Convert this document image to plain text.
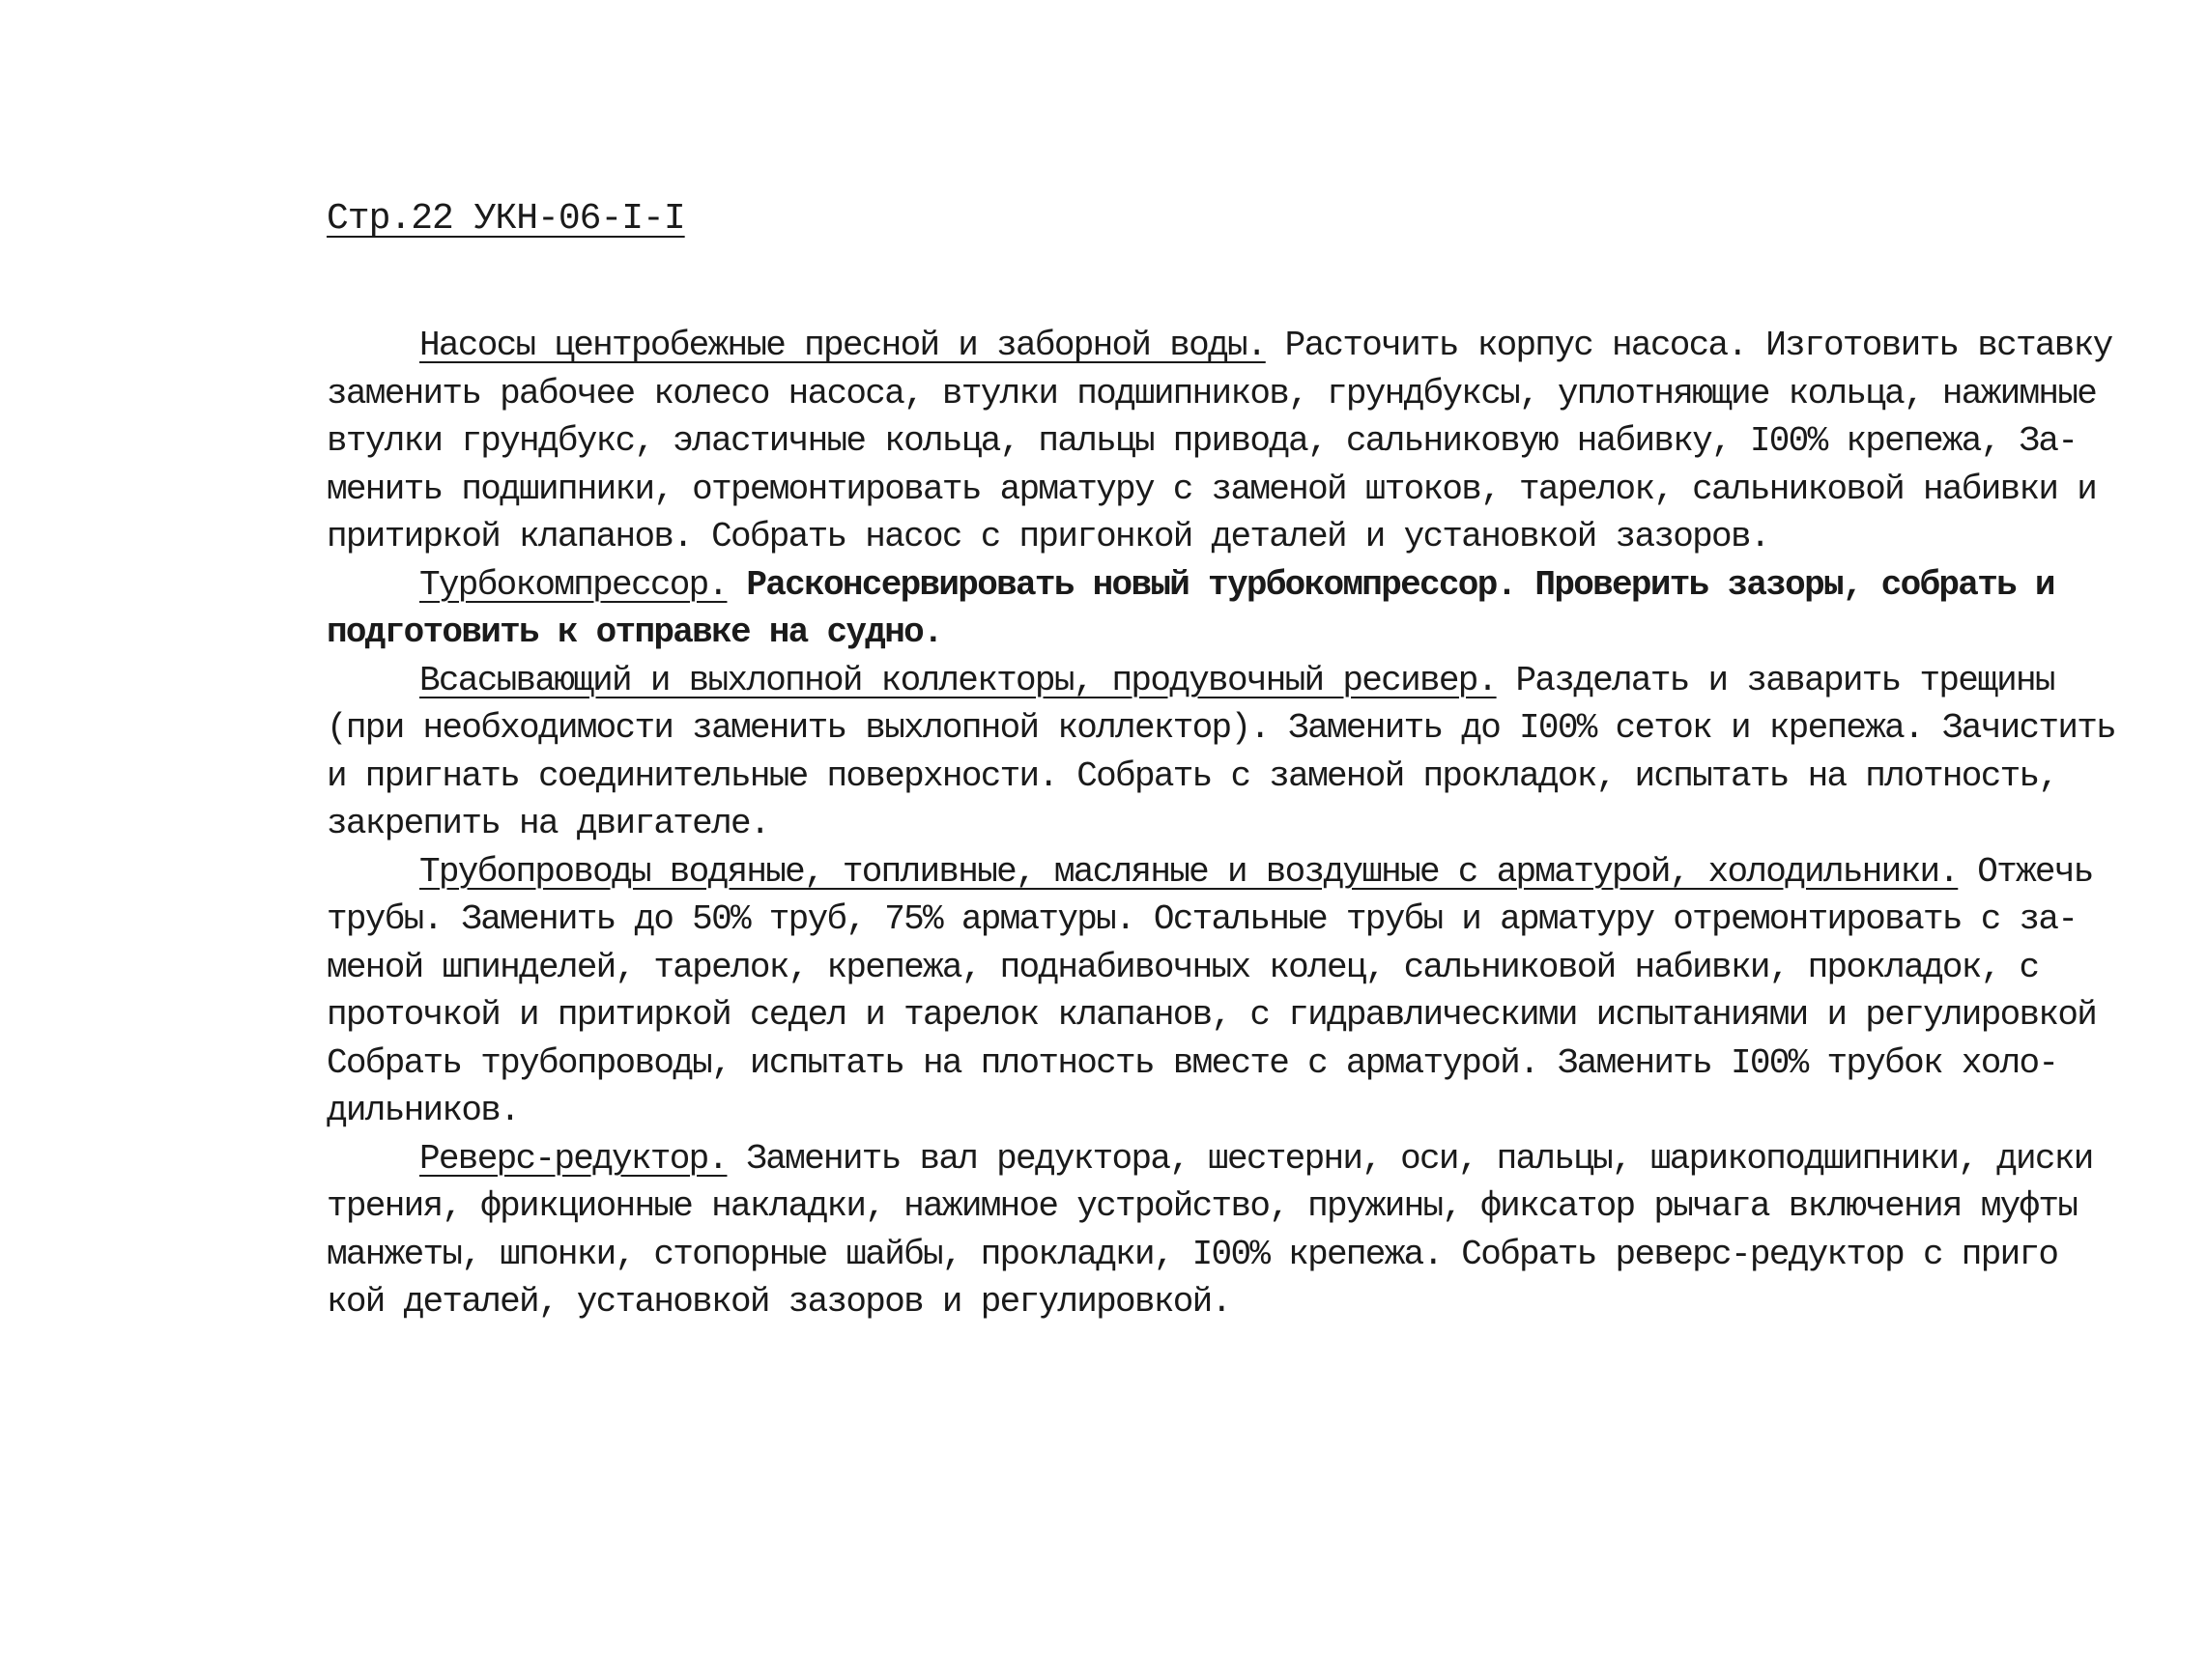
Стр.22 УКН-06-I-I
Насосы центробежные пресной и заборной воды. Расточить корпус насоса. Изготовить вставку
заменить рабочее колесо насоса, втулки подшипников, грундбуксы, уплотняющие кольца, нажимные
втулки грундбукс, эластичные кольца, пальцы привода, сальниковую набивку, I00% крепежа, За-
менить подшипники, отремонтировать арматуру с заменой штоков, тарелок, сальниковой набивки и
притиркой клапанов. Собрать насос с пригонкой деталей и установкой зазоров.
Турбокомпрессор. Расконсервировать новый турбокомпрессор. Проверить зазоры, собрать и
подготовить к отправке на судно.
Всасывающий и выхлопной коллекторы, продувочный ресивер. Разделать и заварить трещины
(при необходимости заменить выхлопной коллектор). Заменить до I00% сеток и крепежа. Зачистить
и пригнать соединительные поверхности. Собрать с заменой прокладок, испытать на плотность,
закрепить на двигателе.
Трубопроводы водяные, топливные, масляные и воздушные с арматурой, холодильники. Отжечь
трубы. Заменить до 50% труб, 75% арматуры. Остальные трубы и арматуру отремонтировать с за-
меной шпинделей, тарелок, крепежа, поднабивочных колец, сальниковой набивки, прокладок, с
проточкой и притиркой седел и тарелок клапанов, с гидравлическими испытаниями и регулировкой
Собрать трубопроводы, испытать на плотность вместе с арматурой. Заменить I00% трубок холо-
дильников.
Реверс-редуктор. Заменить вал редуктора, шестерни, оси, пальцы, шарикоподшипники, диски
трения, фрикционные накладки, нажимное устройство, пружины, фиксатор рычага включения муфты
манжеты, шпонки, стопорные шайбы, прокладки, I00% крепежа. Собрать реверс-редуктор с приго
кой деталей, установкой зазоров и регулировкой.
